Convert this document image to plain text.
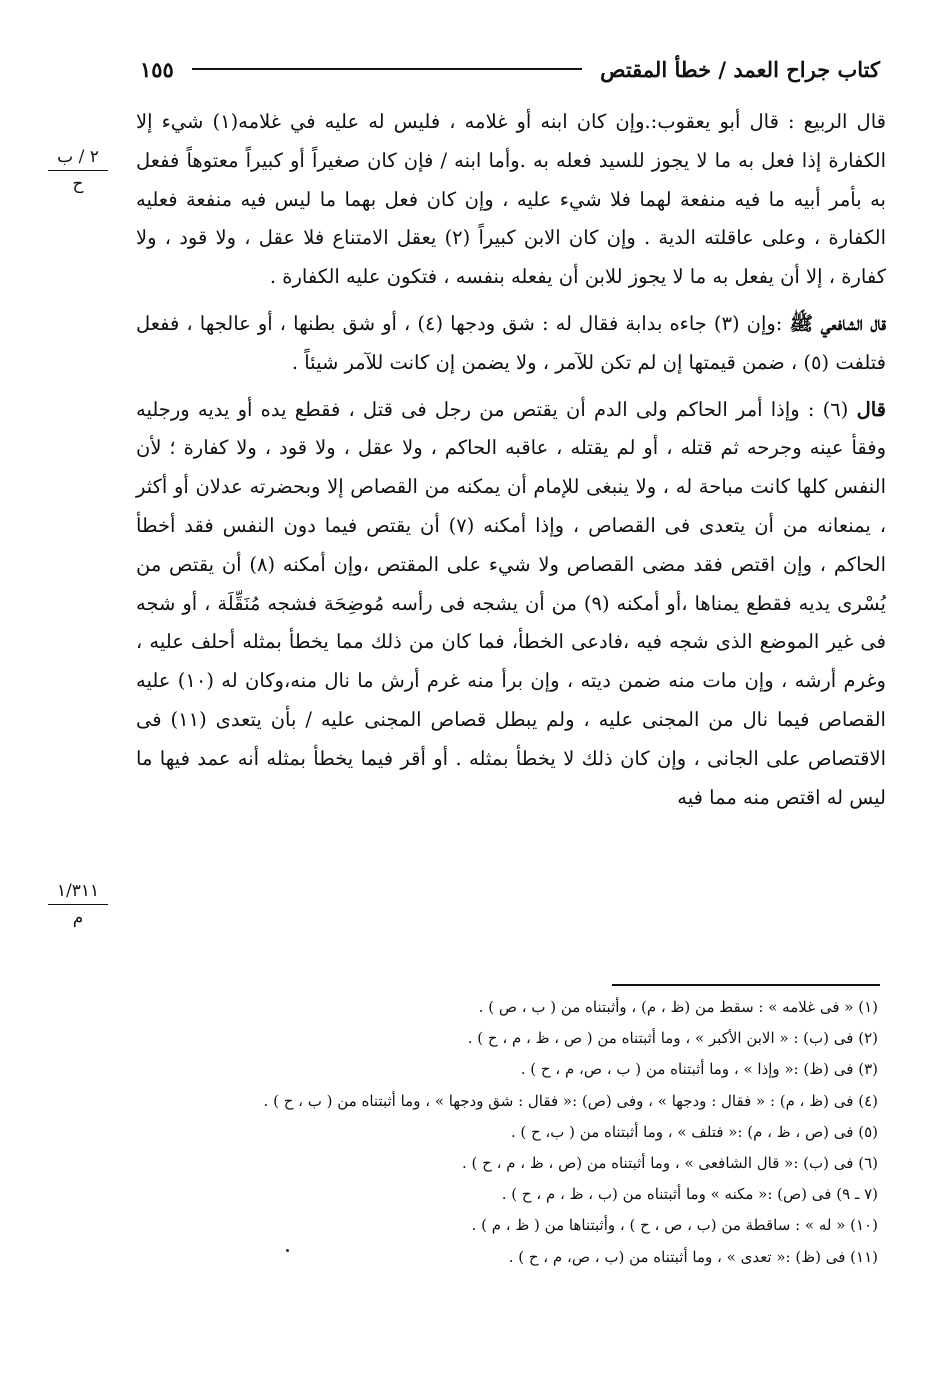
كتاب جراح العمد / خطأ المقتص
١٥٥
٢ / ب
ح
١/٣١١
م

قال الربيع : قال أبو يعقوب:.وإن كان ابنه أو غلامه ، فليس له عليه في غلامه(١) شيء إلا الكفارة إذا فعل به ما لا يجوز للسيد فعله به .وأما ابنه / فإن كان صغيراً أو كبيراً معتوهاً ففعل به بأمر أبيه ما فيه منفعة لهما فلا شيء عليه ، وإن كان فعل بهما ما ليس فيه منفعة فعليه الكفارة ، وعلى عاقلته الدية . وإن كان الابن كبيراً (٢) يعقل الامتناع فلا عقل ، ولا قود ، ولا كفارة ، إلا أن يفعل به ما لا يجوز للابن أن يفعله بنفسه ، فتكون عليه الكفارة .

قال الشافعي ﷺ :وإن (٣) جاءه بدابة فقال له : شق ودجها (٤) ، أو شق بطنها ، أو عالجها ، ففعل فتلفت (٥) ، ضمن قيمتها إن لم تكن للآمر ، ولا يضمن إن كانت للآمر شيئاً .

قال (٦) : وإذا أمر الحاكم ولى الدم أن يقتص من رجل فى قتل ، فقطع يده أو يديه ورجليه وفقأ عينه وجرحه ثم قتله ، أو لم يقتله ، عاقبه الحاكم ، ولا عقل ، ولا قود ، ولا كفارة ؛ لأن النفس كلها كانت مباحة له ، ولا ينبغى للإمام أن يمكنه من القصاص إلا وبحضرته عدلان أو أكثر ، يمنعانه من أن يتعدى فى القصاص ، وإذا أمكنه (٧) أن يقتص فيما دون النفس فقد أخطأ الحاكم ، وإن اقتص فقد مضى القصاص ولا شيء على المقتص ،وإن أمكنه (٨) أن يقتص من يُسْرى يديه فقطع يمناها ،أو أمكنه (٩) من أن يشجه فى رأسه مُوضِحَة فشجه مُنَقِّلَة ، أو شجه فى غير الموضع الذى شجه فيه ،فادعى الخطأ، فما كان من ذلك مما يخطأ بمثله أحلف عليه ، وغرم أرشه ، وإن مات منه ضمن ديته ، وإن برأ منه غرم أرش ما نال منه،وكان له (١٠) عليه القصاص فيما نال من المجنى عليه ، ولم يبطل قصاص المجنى عليه / بأن يتعدى (١١) فى الاقتصاص على الجانى ، وإن كان ذلك لا يخطأ بمثله . أو أقر فيما يخطأ بمثله أنه عمد فيها ما ليس له اقتص منه مما فيه

(١) « فى غلامه » : سقط من (ظ ، م) ، وأثبتناه من ( ب ، ص ) .

(٢) فى (ب) : « الابن الأكبر » ، وما أثبتناه من ( ص ، ظ ، م ، ح ) .

(٣) فى (ظ) :« وإذا » ، وما أثبتناه من ( ب ، ص، م ، ح ) .

(٤) فى (ظ ، م) : « فقال : ودجها » ، وفى (ص) :« فقال : شق ودجها » ، وما أثبتناه من ( ب ، ح ) .

(٥) فى (ص ، ظ ، م) :« فتلف » ، وما أثبتناه من ( ب، ح ) .

(٦) فى (ب) :« قال الشافعى » ، وما أثبتناه من (ص ، ظ ، م ، ح ) .

(٧ ـ ٩) فى (ص) :« مكنه » وما أثبتناه من (ب ، ظ ، م ، ح ) .

(١٠) « له » : ساقطة من (ب ، ص ، ح ) ، وأثبتناها من ( ظ ، م ) .

(١١) فى (ظ) :« تعدى » ، وما أثبتناه من (ب ، ص، م ، ح ) .
